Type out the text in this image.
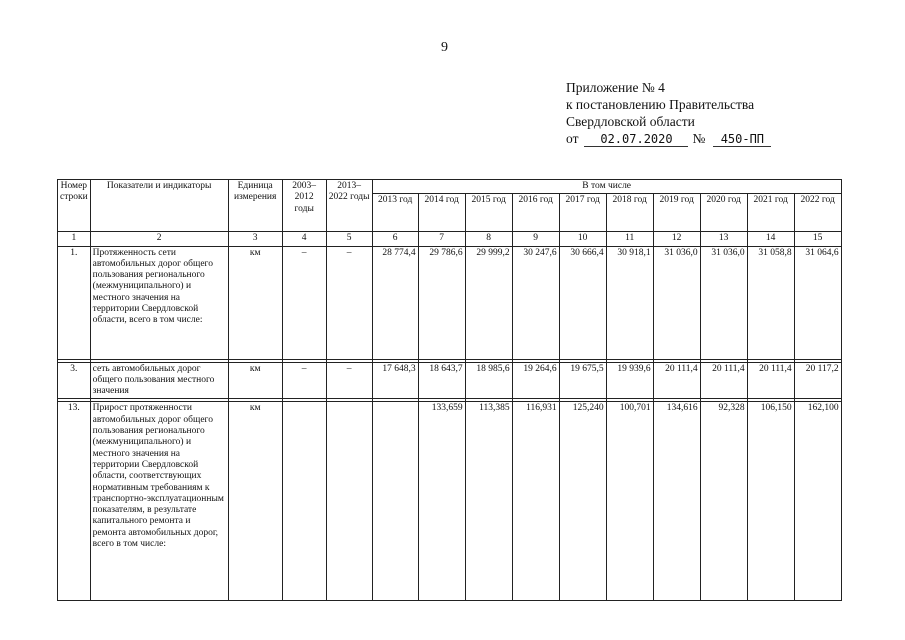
9
Приложение № 4
к постановлению Правительства
Свердловской области
от 02.07.2020 № 450-ПП
Номер строки	Показатели и индикаторы	Единица измерения	2003–2012 годы	2013–2022 годы	В том числе									
					2013 год	2014 год	2015 год	2016 год	2017 год	2018 год	2019 год	2020 год	2021 год	2022 год
1	2	3	4	5	6	7	8	9	10	11	12	13	14	15
1.	Протяженность сети автомобильных дорог общего пользования регионального (межмуниципального) и местного значения на территории Свердловской области, всего в том числе:	км	–	–	28 774,4	29 786,6	29 999,2	30 247,6	30 666,4	30 918,1	31 036,0	31 036,0	31 058,8	31 064,6

3.	сеть автомобильных дорог общего пользования местного значения	км	–	–	17 648,3	18 643,7	18 985,6	19 264,6	19 675,5	19 939,6	20 111,4	20 111,4	20 111,4	20 117,2

13.	Прирост протяженности автомобильных дорог общего пользования регионального (межмуниципального) и местного значения на территории Свердловской области, соответствующих нормативным требованиям к транспортно-эксплуатационным показателям, в результате капитального ремонта и ремонта автомобильных дорог, всего в том числе:	км				133,659	113,385	116,931	125,240	100,701	134,616	92,328	106,150	162,100
